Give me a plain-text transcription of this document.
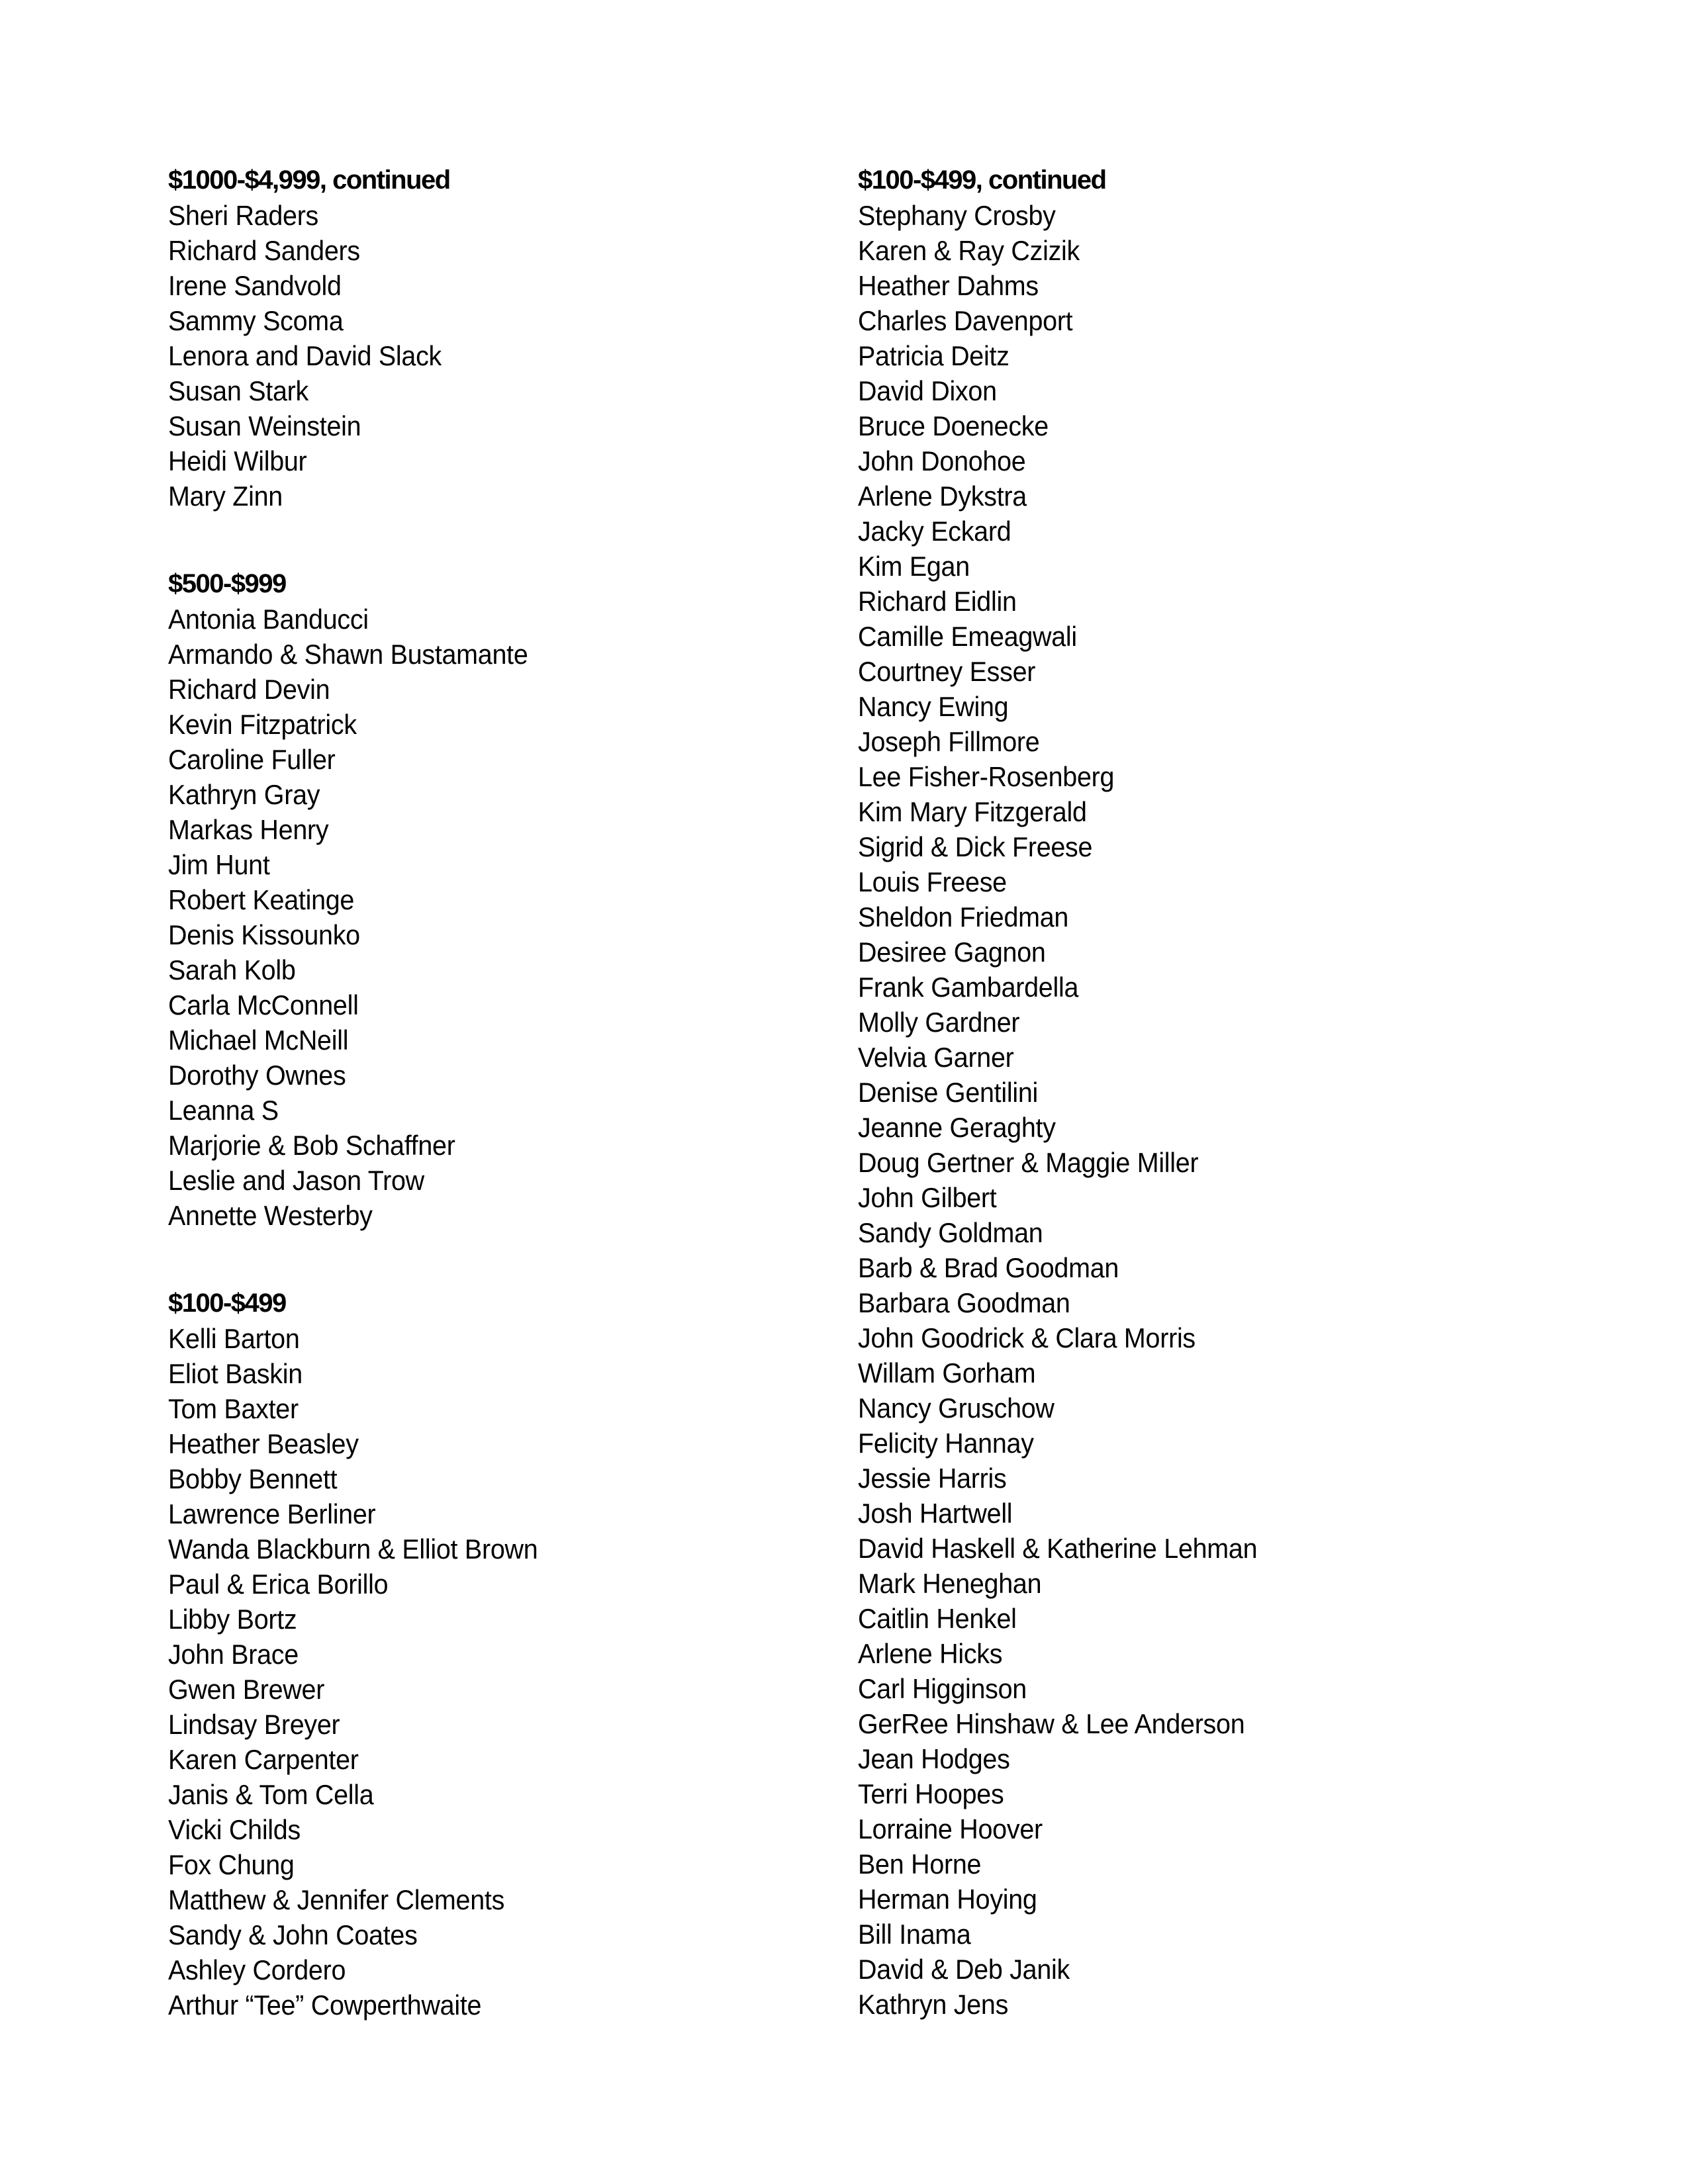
$1000-$4,999, continued
Sheri Raders
Richard Sanders
Irene Sandvold
Sammy Scoma
Lenora and David Slack
Susan Stark
Susan Weinstein
Heidi Wilbur
Mary Zinn
$500-$999
Antonia Banducci
Armando & Shawn Bustamante
Richard Devin
Kevin Fitzpatrick
Caroline Fuller
Kathryn Gray
Markas Henry
Jim Hunt
Robert Keatinge
Denis Kissounko
Sarah Kolb
Carla McConnell
Michael McNeill
Dorothy Ownes
Leanna S
Marjorie & Bob Schaffner
Leslie and Jason Trow
Annette Westerby
$100-$499
Kelli Barton
Eliot Baskin
Tom Baxter
Heather Beasley
Bobby Bennett
Lawrence Berliner
Wanda Blackburn & Elliot Brown
Paul & Erica Borillo
Libby Bortz
John Brace
Gwen Brewer
Lindsay Breyer
Karen Carpenter
Janis & Tom Cella
Vicki Childs
Fox Chung
Matthew & Jennifer Clements
Sandy & John Coates
Ashley Cordero
Arthur “Tee” Cowperthwaite
$100-$499, continued
Stephany Crosby
Karen & Ray Czizik
Heather Dahms
Charles Davenport
Patricia Deitz
David Dixon
Bruce Doenecke
John Donohoe
Arlene Dykstra
Jacky Eckard
Kim Egan
Richard Eidlin
Camille Emeagwali
Courtney Esser
Nancy Ewing
Joseph Fillmore
Lee Fisher-Rosenberg
Kim Mary Fitzgerald
Sigrid & Dick Freese
Louis Freese
Sheldon Friedman
Desiree Gagnon
Frank Gambardella
Molly Gardner
Velvia Garner
Denise Gentilini
Jeanne Geraghty
Doug Gertner & Maggie Miller
John Gilbert
Sandy Goldman
Barb & Brad Goodman
Barbara Goodman
John Goodrick & Clara Morris
Willam Gorham
Nancy Gruschow
Felicity Hannay
Jessie Harris
Josh Hartwell
David Haskell & Katherine Lehman
Mark Heneghan
Caitlin Henkel
Arlene Hicks
Carl Higginson
GerRee Hinshaw & Lee Anderson
Jean Hodges
Terri Hoopes
Lorraine Hoover
Ben Horne
Herman Hoying
Bill Inama
David & Deb Janik
Kathryn Jens
